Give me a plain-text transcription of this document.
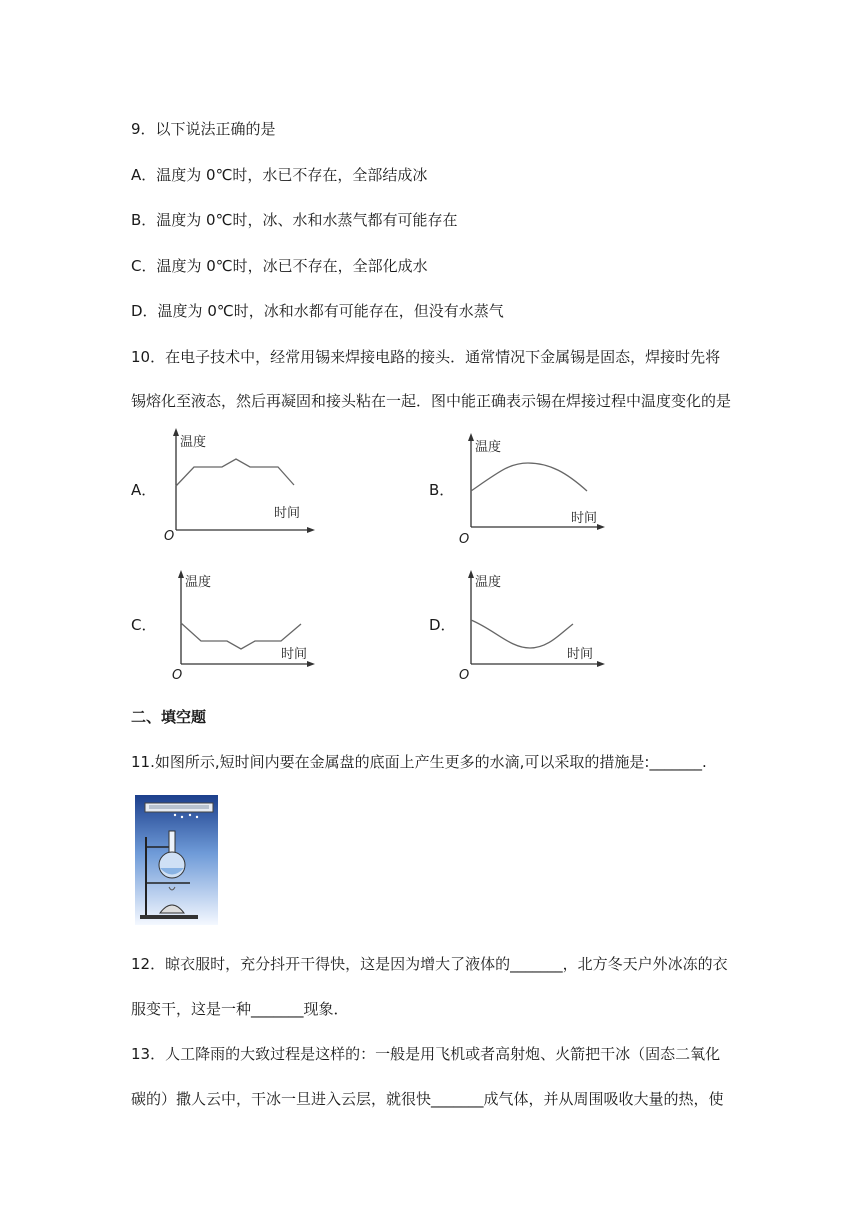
9．以下说法正确的是
A．温度为 0℃时，水已不存在，全部结成冰
B．温度为 0℃时，冰、水和水蒸气都有可能存在
C．温度为 0℃时，冰已不存在，全部化成水
D．温度为 0℃时，冰和水都有可能存在，但没有水蒸气
10．在电子技术中，经常用锡来焊接电路的接头．通常情况下金属锡是固态，焊接时先将
锡熔化至液态，然后再凝固和接头粘在一起．图中能正确表示锡在焊接过程中温度变化的是
A．
温度
时间
O
B．
温度
时间
O
C．
温度
时间
O
D．
温度
时间
O
二、填空题
11.如图所示,短时间内要在金属盘的底面上产生更多的水滴,可以采取的措施是:_______.
12．晾衣服时，充分抖开干得快，这是因为增大了液体的_______，北方冬天户外冰冻的衣
服变干，这是一种_______现象．
13．人工降雨的大致过程是这样的：一般是用飞机或者高射炮、火箭把干冰（固态二氧化
碳的）撒人云中，干冰一旦进入云层，就很快_______成气体，并从周围吸收大量的热，使
